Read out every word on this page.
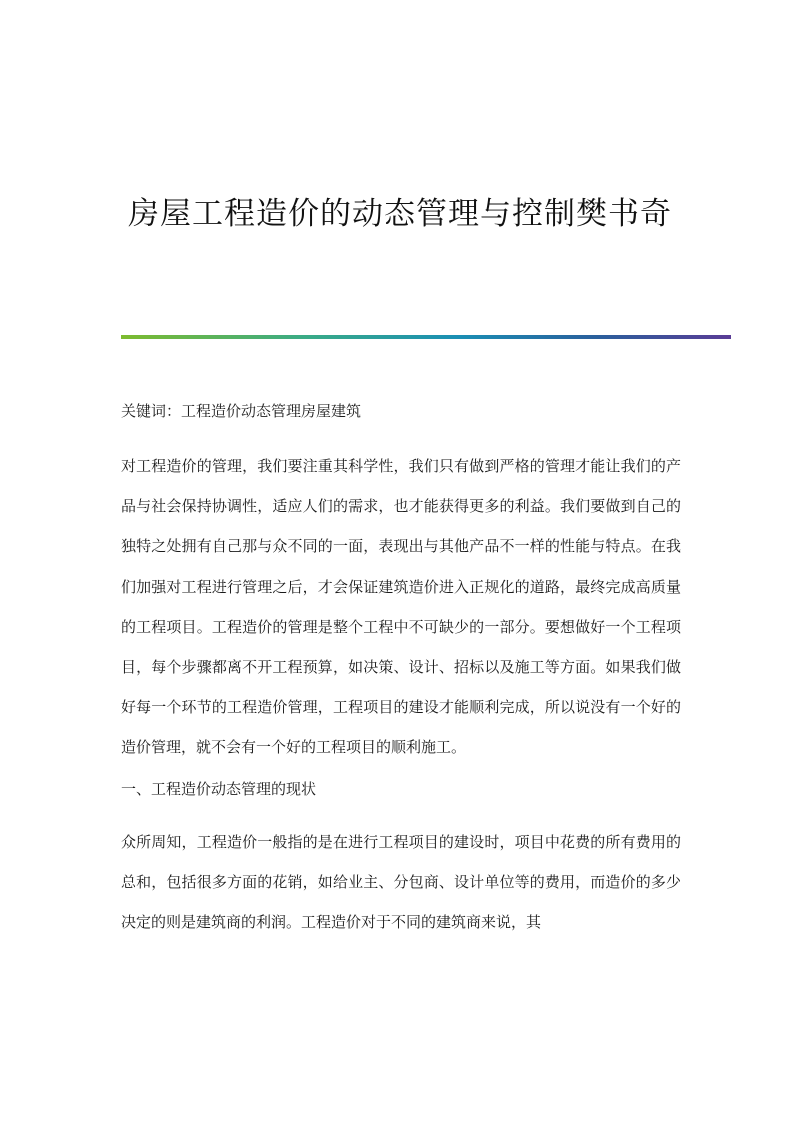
房屋工程造价的动态管理与控制樊书奇

关键词：工程造价动态管理房屋建筑

对工程造价的管理，我们要注重其科学性，我们只有做到严格的管理才能让我们的产品与社会保持协调性，适应人们的需求，也才能获得更多的利益。我们要做到自己的独特之处拥有自己那与众不同的一面，表现出与其他产品不一样的性能与特点。在我们加强对工程进行管理之后，才会保证建筑造价进入正规化的道路，最终完成高质量的工程项目。工程造价的管理是整个工程中不可缺少的一部分。要想做好一个工程项目，每个步骤都离不开工程预算，如决策、设计、招标以及施工等方面。如果我们做好每一个环节的工程造价管理，工程项目的建设才能顺利完成，所以说没有一个好的造价管理，就不会有一个好的工程项目的顺利施工。

一、工程造价动态管理的现状

众所周知，工程造价一般指的是在进行工程项目的建设时，项目中花费的所有费用的总和，包括很多方面的花销，如给业主、分包商、设计单位等的费用，而造价的多少决定的则是建筑商的利润。工程造价对于不同的建筑商来说，其
